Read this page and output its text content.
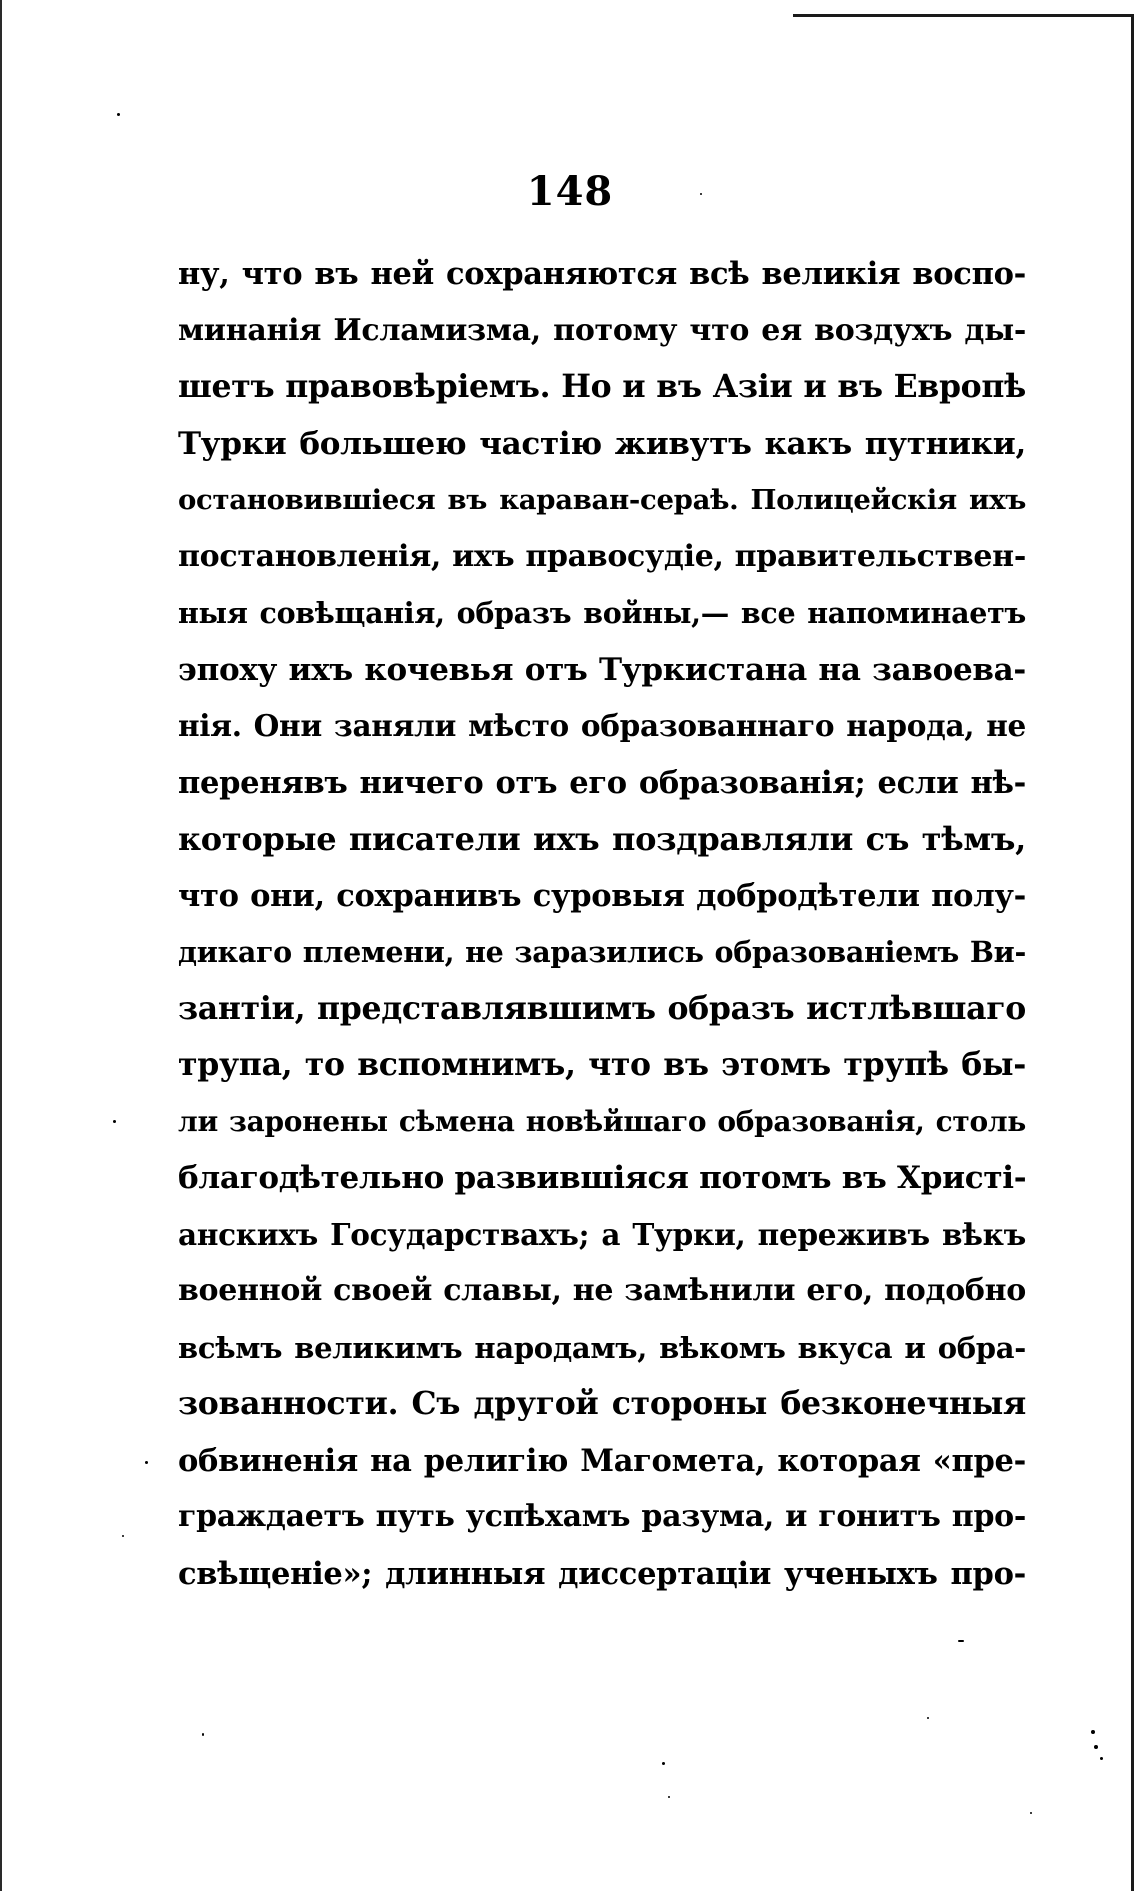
148
ну, что въ ней сохраняются всѣ великія воспо-
минанія Исламизма, потому что ея воздухъ ды-
шетъ правовѣріемъ. Но и въ Азіи и въ Европѣ
Турки большею частію живутъ какъ путники,
остановившіеся въ караван-сераѣ. Полицейскія ихъ
постановленія, ихъ правосудіе, правительствен-
ныя совѣщанія, образъ войны,— все напоминаетъ
эпоху ихъ кочевья отъ Туркистана на завоева-
нія. Они заняли мѣсто образованнаго народа, не
перенявъ ничего отъ его образованія; если нѣ-
которые писатели ихъ поздравляли съ тѣмъ,
что они, сохранивъ суровыя добродѣтели полу-
дикаго племени, не заразились образованіемъ Ви-
зантіи, представлявшимъ образъ истлѣвшаго
трупа, то вспомнимъ, что въ этомъ трупѣ бы-
ли заронены сѣмена новѣйшаго образованія, столь
благодѣтельно развившіяся потомъ въ Христі-
анскихъ Государствахъ; а Турки, переживъ вѣкъ
военной своей славы, не замѣнили его, подобно
всѣмъ великимъ народамъ, вѣкомъ вкуса и обра-
зованности. Съ другой стороны безконечныя
обвиненія на религію Магомета, которая «пре-
граждаетъ путь успѣхамъ разума, и гонитъ про-
свѣщеніе»; длинныя диссертаціи ученыхъ про-
